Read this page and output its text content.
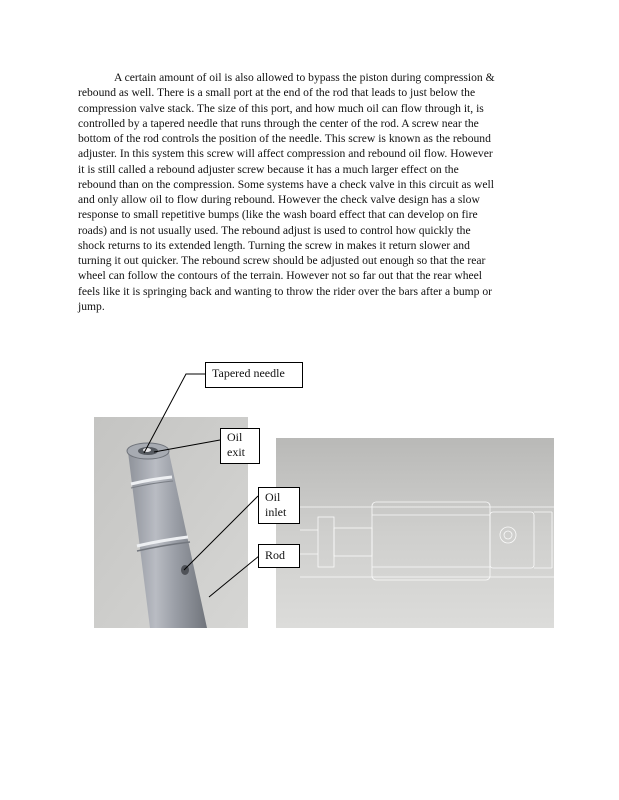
A certain amount of oil is also allowed to bypass the piston during compression &
rebound as well. There is a small port at the end of the rod that leads to just below the
compression valve stack. The size of this port, and how much oil can flow through it, is
controlled by a tapered needle that runs through the center of the rod. A screw near the
bottom of the rod controls the position of the needle. This screw is known as the rebound
adjuster. In this system this screw will affect compression and rebound oil flow. However
it is still called a rebound adjuster screw because it has a much larger effect on the
rebound than on the compression. Some systems have a check valve in this circuit as well
and only allow oil to flow during rebound. However the check valve design has a slow
response to small repetitive bumps (like the wash board effect that can develop on fire
roads) and is not usually used. The rebound adjust is used to control how quickly the
shock returns to its extended length. Turning the screw in makes it return slower and
turning it out quicker. The rebound screw should be adjusted out enough so that the rear
wheel can follow the contours of the terrain. However not so far out that the rear wheel
feels like it is springing back and wanting to throw the rider over the bars after a bump or
jump.
Tapered needle
Oil
exit
Oil
inlet
Rod
